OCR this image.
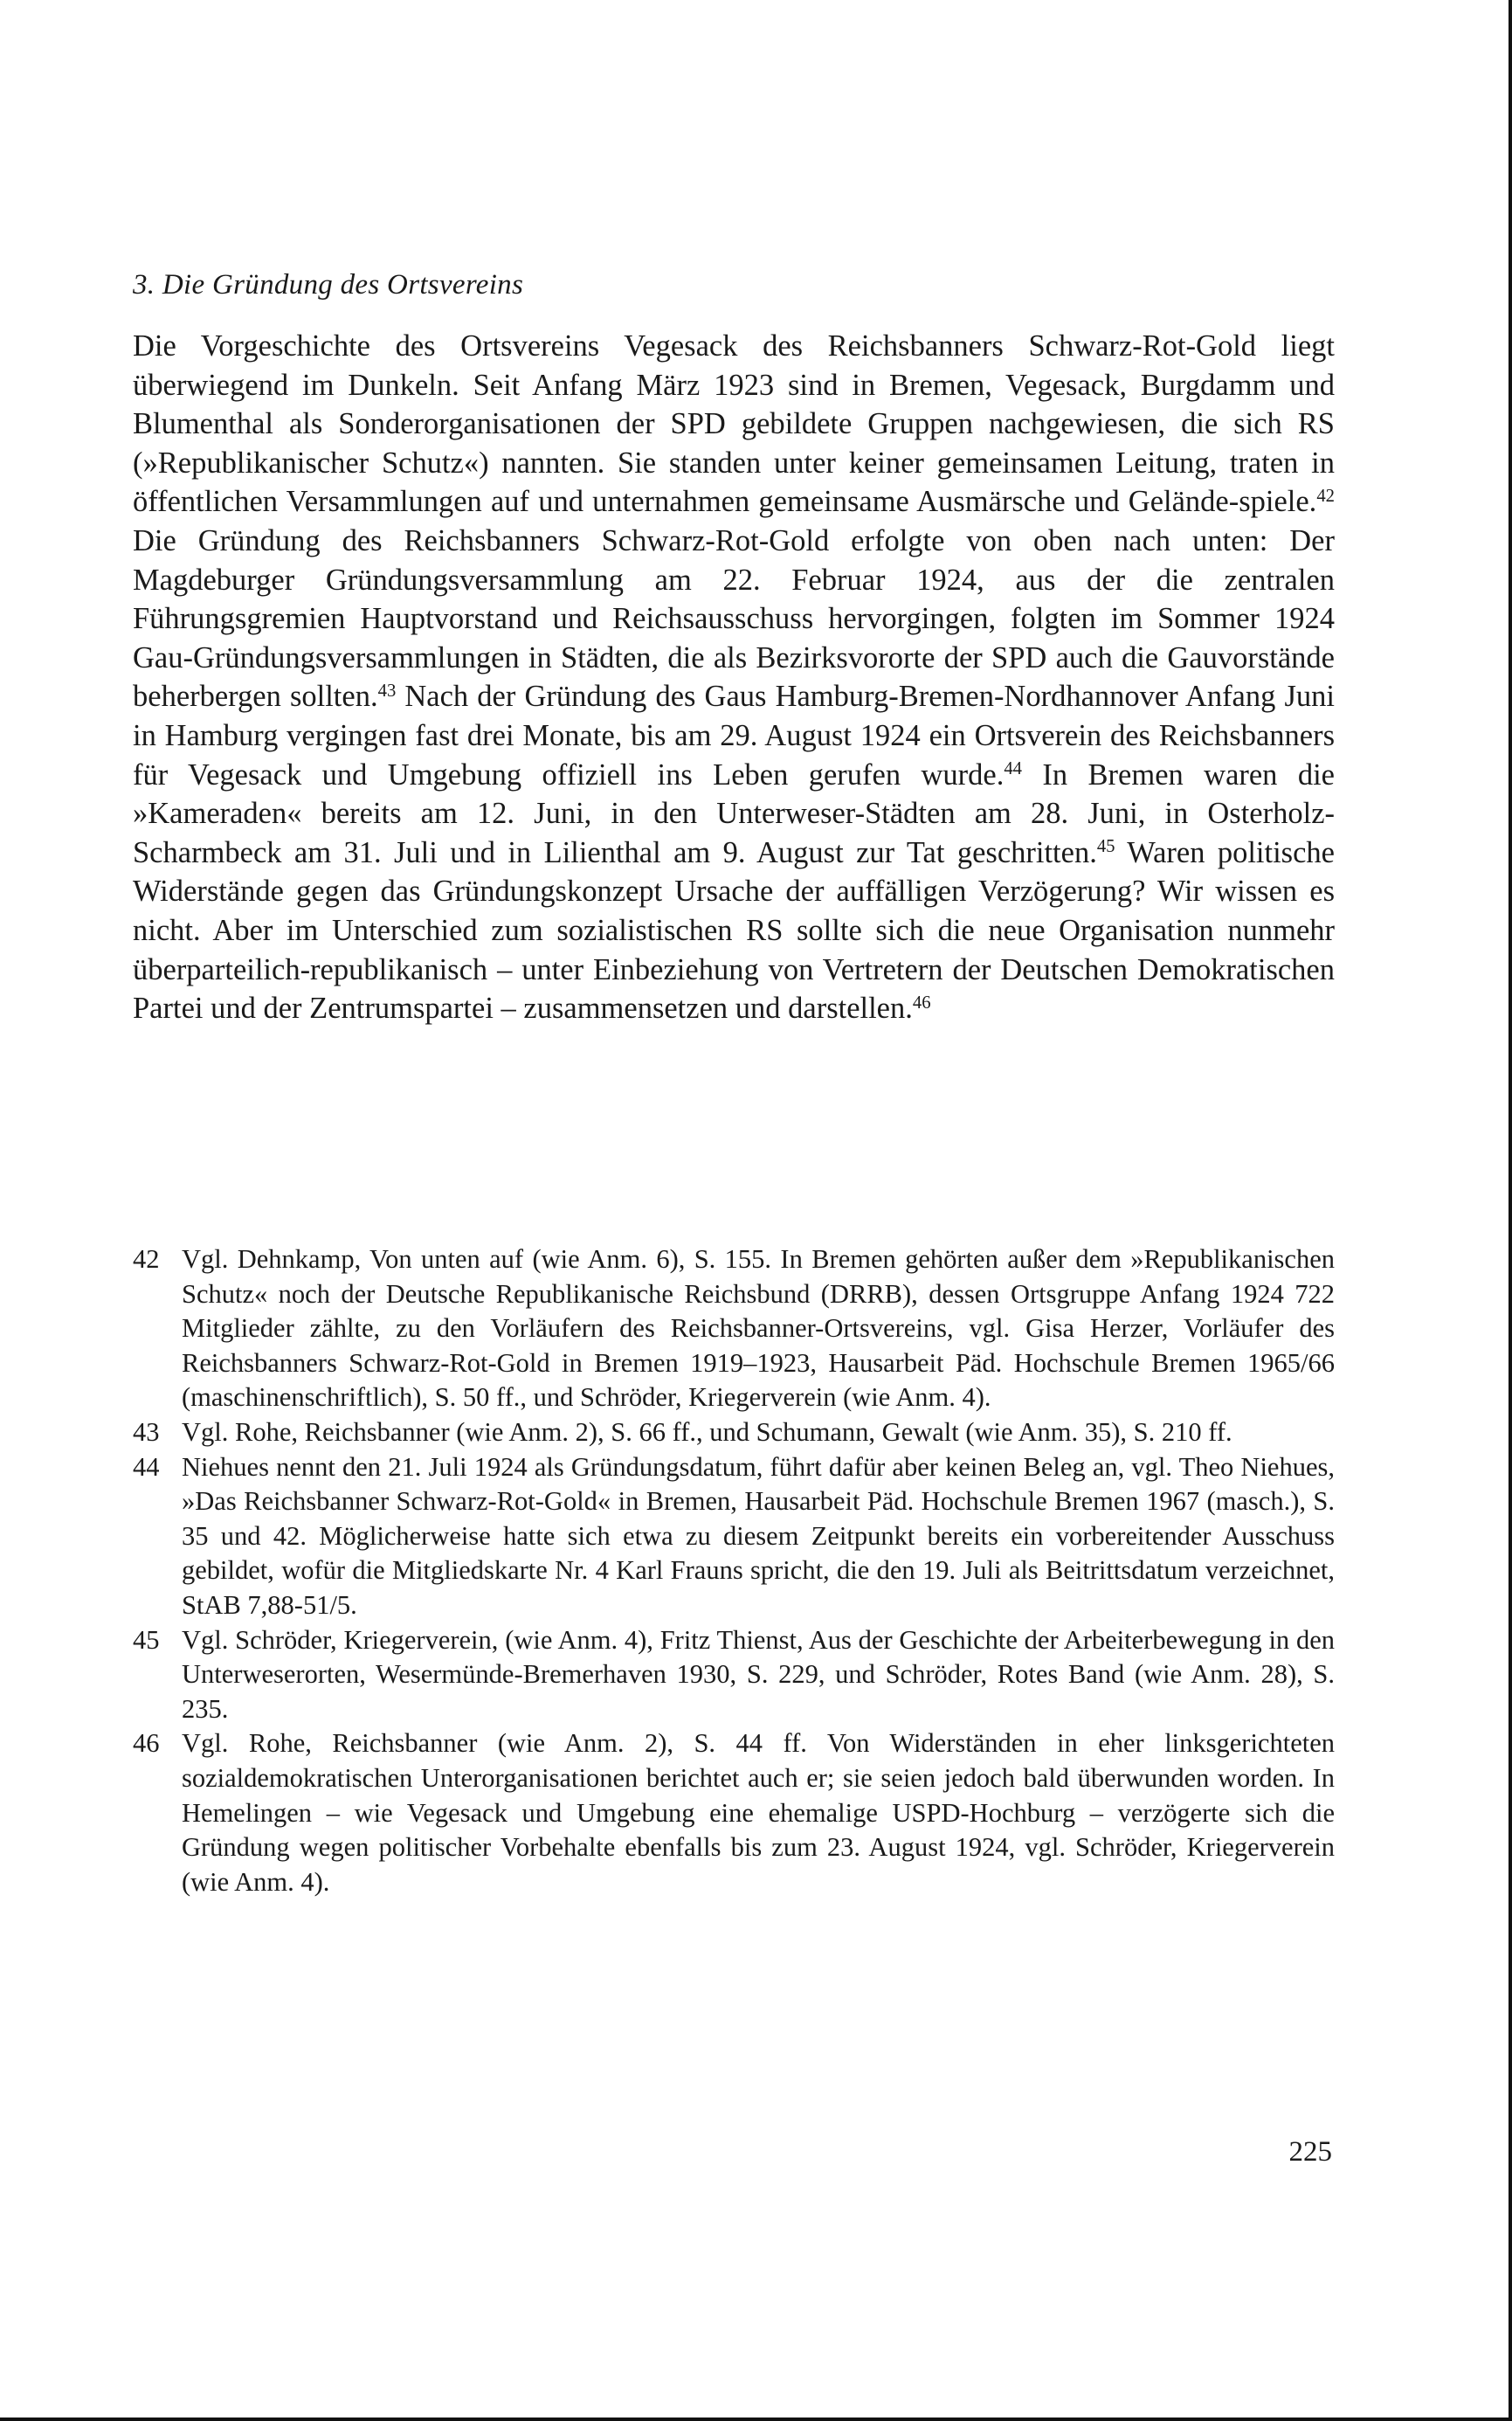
3. Die Gründung des Ortsvereins

Die Vorgeschichte des Ortsvereins Vegesack des Reichsbanners Schwarz-Rot-Gold liegt überwiegend im Dunkeln. Seit Anfang März 1923 sind in Bremen, Vegesack, Burgdamm und Blumenthal als Sonderorganisationen der SPD gebildete Gruppen nachgewiesen, die sich RS (»Republikanischer Schutz«) nannten. Sie standen unter keiner gemeinsamen Leitung, traten in öffentlichen Versammlungen auf und unternahmen gemeinsame Ausmärsche und Gelände-spiele.$^{42}$ Die Gründung des Reichsbanners Schwarz-Rot-Gold erfolgte von oben nach unten: Der Magdeburger Gründungsversammlung am 22. Februar 1924, aus der die zentralen Führungsgremien Hauptvorstand und Reichsausschuss hervorgingen, folgten im Sommer 1924 Gau-Gründungsversammlungen in Städten, die als Bezirksvororte der SPD auch die Gauvorstände beherbergen sollten.$^{43}$ Nach der Gründung des Gaus Hamburg-Bremen-Nordhannover Anfang Juni in Hamburg vergingen fast drei Monate, bis am 29. August 1924 ein Ortsverein des Reichsbanners für Vegesack und Umgebung offiziell ins Leben gerufen wurde.$^{44}$ In Bremen waren die »Kameraden« bereits am 12. Juni, in den Unterweser-Städten am 28. Juni, in Osterholz-Scharmbeck am 31. Juli und in Lilienthal am 9. August zur Tat geschritten.$^{45}$ Waren politische Widerstände gegen das Gründungskonzept Ursache der auffälligen Verzögerung? Wir wissen es nicht. Aber im Unterschied zum sozialistischen RS sollte sich die neue Organisation nunmehr überparteilich-republikanisch – unter Einbeziehung von Vertretern der Deutschen Demokratischen Partei und der Zentrumspartei – zusammensetzen und darstellen.$^{46}$

42 Vgl. Dehnkamp, Von unten auf (wie Anm. 6), S. 155. In Bremen gehörten außer dem »Republikanischen Schutz« noch der Deutsche Republikanische Reichsbund (DRRB), dessen Ortsgruppe Anfang 1924 722 Mitglieder zählte, zu den Vorläufern des Reichsbanner-Ortsvereins, vgl. Gisa Herzer, Vorläufer des Reichsbanners Schwarz-Rot-Gold in Bremen 1919–1923, Hausarbeit Päd. Hochschule Bremen 1965/66 (maschinenschriftlich), S. 50 ff., und Schröder, Kriegerverein (wie Anm. 4).
43 Vgl. Rohe, Reichsbanner (wie Anm. 2), S. 66 ff., und Schumann, Gewalt (wie Anm. 35), S. 210 ff.
44 Niehues nennt den 21. Juli 1924 als Gründungsdatum, führt dafür aber keinen Beleg an, vgl. Theo Niehues, »Das Reichsbanner Schwarz-Rot-Gold« in Bremen, Hausarbeit Päd. Hochschule Bremen 1967 (masch.), S. 35 und 42. Möglicherweise hatte sich etwa zu diesem Zeitpunkt bereits ein vorbereitender Ausschuss gebildet, wofür die Mitgliedskarte Nr. 4 Karl Frauns spricht, die den 19. Juli als Beitrittsdatum verzeichnet, StAB 7,88-51/5.
45 Vgl. Schröder, Kriegerverein, (wie Anm. 4), Fritz Thienst, Aus der Geschichte der Arbeiterbewegung in den Unterweserorten, Wesermünde-Bremerhaven 1930, S. 229, und Schröder, Rotes Band (wie Anm. 28), S. 235.
46 Vgl. Rohe, Reichsbanner (wie Anm. 2), S. 44 ff. Von Widerständen in eher linksgerichteten sozialdemokratischen Unterorganisationen berichtet auch er; sie seien jedoch bald überwunden worden. In Hemelingen – wie Vegesack und Umgebung eine ehemalige USPD-Hochburg – verzögerte sich die Gründung wegen politischer Vorbehalte ebenfalls bis zum 23. August 1924, vgl. Schröder, Kriegerverein (wie Anm. 4).
225
